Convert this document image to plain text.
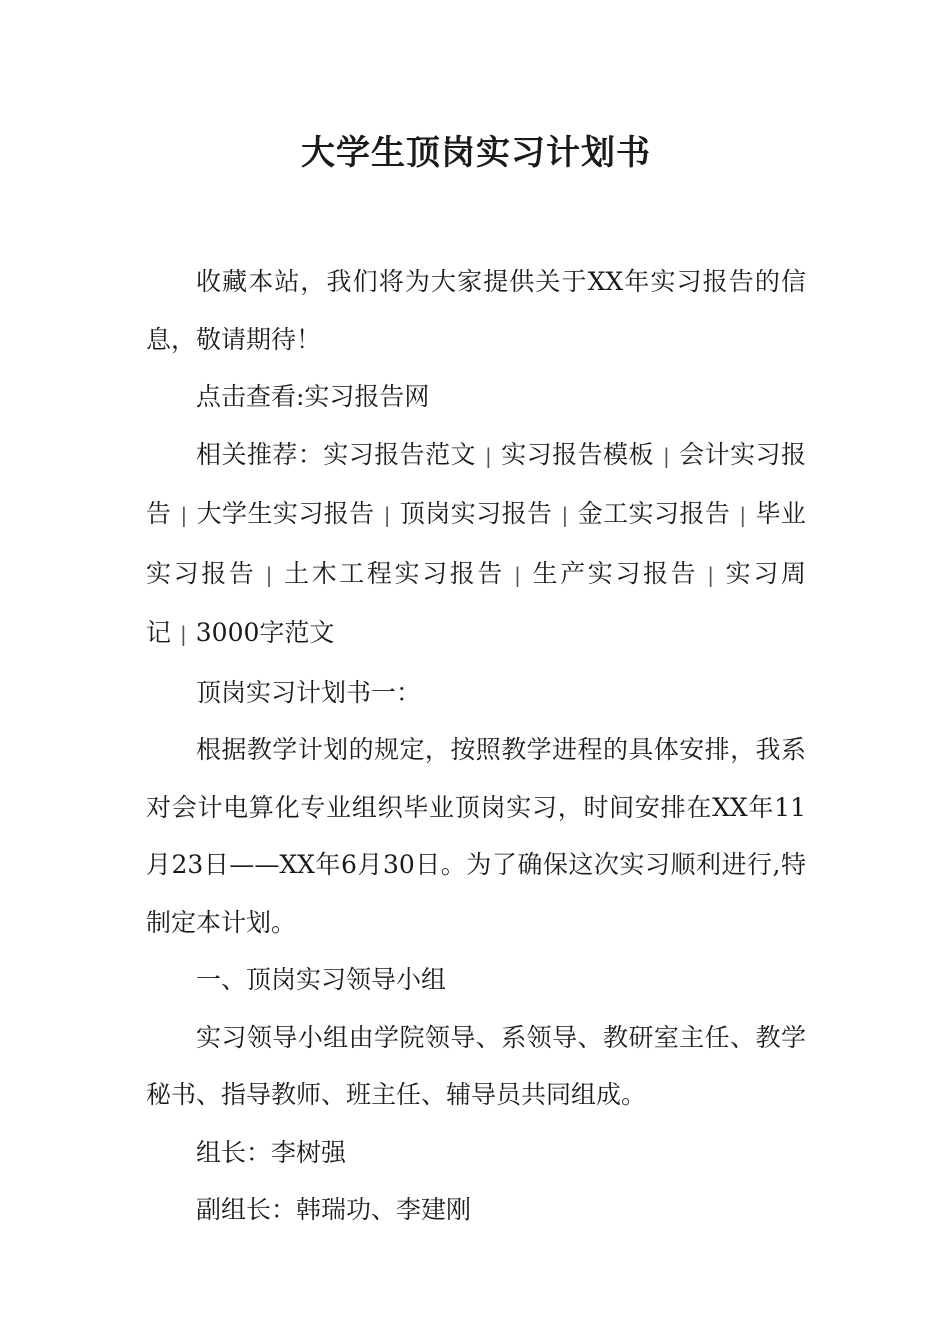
大学生顶岗实习计划书

收藏本站，我们将为大家提供关于XX年实习报告的信息，敬请期待！

点击查看:实习报告网

相关推荐：实习报告范文 | 实习报告模板 | 会计实习报告 | 大学生实习报告 | 顶岗实习报告 | 金工实习报告 | 毕业实习报告 | 土木工程实习报告 | 生产实习报告 | 实习周记 | 3000字范文

顶岗实习计划书一：

根据教学计划的规定，按照教学进程的具体安排，我系对会计电算化专业组织毕业顶岗实习，时间安排在XX年11月23日——XX年6月30日。为了确保这次实习顺利进行,特制定本计划。

一、顶岗实习领导小组

实习领导小组由学院领导、系领导、教研室主任、教学秘书、指导教师、班主任、辅导员共同组成。

组长：李树强

副组长：韩瑞功、李建刚
